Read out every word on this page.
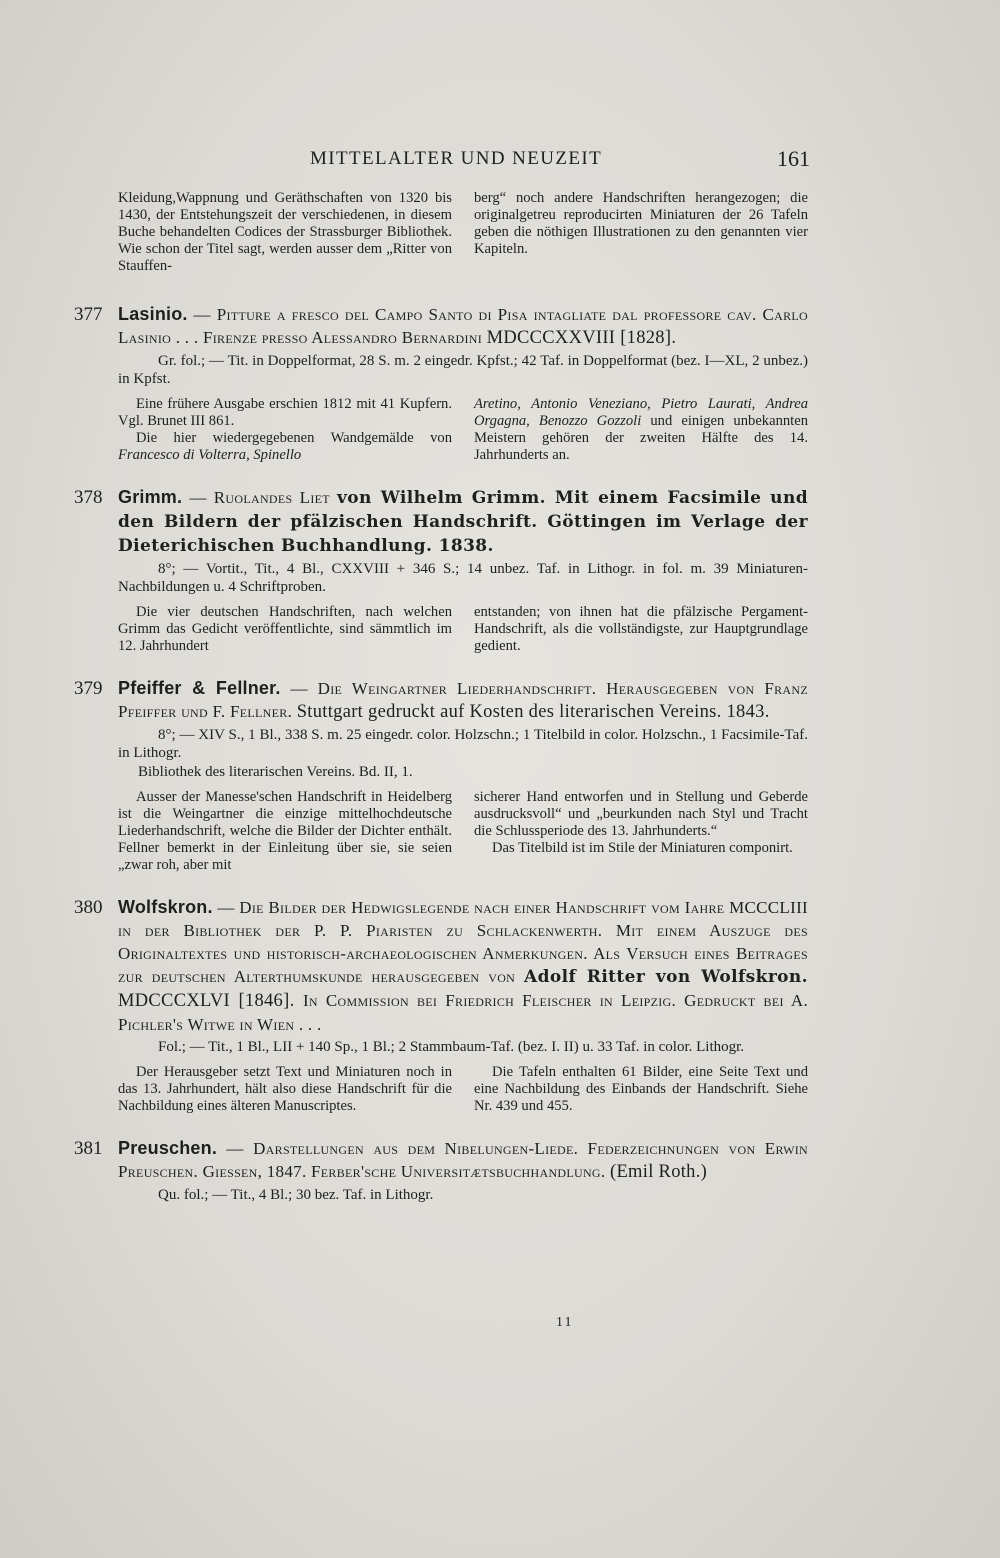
MITTELALTER UND NEUZEIT	161

Kleidung,Wappnung und Geräthschaften von 1320 bis 1430, der Entstehungszeit der verschiedenen, in diesem Buche behandelten Codices der Strassburger Bibliothek. Wie schon der Titel sagt, werden ausser dem „Ritter von Stauffen-

berg“ noch andere Handschriften herangezogen; die originalgetreu reproducirten Miniaturen der 26 Tafeln geben die nöthigen Illustrationen zu den genannten vier Kapiteln.

377 Lasinio. — Pitture a fresco del Campo Santo di Pisa intagliate dal professore cav. Carlo Lasinio . . . Firenze presso Alessandro Bernardini MDCCCXXVIII [1828].
Gr. fol.; — Tit. in Doppelformat, 28 S. m. 2 eingedr. Kpfst.; 42 Taf. in Doppelformat (bez. I—XL, 2 unbez.) in Kpfst.

Eine frühere Ausgabe erschien 1812 mit 41 Kupfern. Vgl. Brunet III 861.

Die hier wiedergegebenen Wandgemälde von Francesco di Volterra, Spinello

Aretino, Antonio Veneziano, Pietro Laurati, Andrea Orgagna, Benozzo Gozzoli und einigen unbekannten Meistern gehören der zweiten Hälfte des 14. Jahrhunderts an.

378 Grimm. — Ruolandes Liet von Wilhelm Grimm. Mit einem Facsimile und den Bildern der pfälzischen Handschrift. Göttingen im Verlage der Dieterichischen Buchhandlung. 1838.
8°; — Vortit., Tit., 4 Bl., CXXVIII + 346 S.; 14 unbez. Taf. in Lithogr. in fol. m. 39 Miniaturen-Nachbildungen u. 4 Schriftproben.

Die vier deutschen Handschriften, nach welchen Grimm das Gedicht veröffentlichte, sind sämmtlich im 12. Jahrhundert

entstanden; von ihnen hat die pfälzische Pergament-Handschrift, als die vollständigste, zur Hauptgrundlage gedient.

379 Pfeiffer & Fellner. — Die Weingartner Liederhandschrift. Herausgegeben von Franz Pfeiffer und F. Fellner. Stuttgart gedruckt auf Kosten des literarischen Vereins. 1843.
8°; — XIV S., 1 Bl., 338 S. m. 25 eingedr. color. Holzschn.; 1 Titelbild in color. Holzschn., 1 Facsimile-Taf. in Lithogr.
Bibliothek des literarischen Vereins. Bd. II, 1.

Ausser der Manesse'schen Handschrift in Heidelberg ist die Weingartner die einzige mittelhochdeutsche Liederhandschrift, welche die Bilder der Dichter enthält. Fellner bemerkt in der Einleitung über sie, sie seien „zwar roh, aber mit

sicherer Hand entworfen und in Stellung und Geberde ausdrucksvoll“ und „beurkunden nach Styl und Tracht die Schlussperiode des 13. Jahrhunderts.“

Das Titelbild ist im Stile der Miniaturen componirt.

380 Wolfskron. — Die Bilder der Hedwigslegende nach einer Handschrift vom Iahre MCCCLIII in der Bibliothek der P. P. Piaristen zu Schlackenwerth. Mit einem Auszuge des Originaltextes und historisch-archaeologischen Anmerkungen. Als Versuch eines Beitrages zur deutschen Alterthumskunde herausgegeben von Adolf Ritter von Wolfskron. MDCCCXLVI [1846]. In Commission bei Friedrich Fleischer in Leipzig. Gedruckt bei A. Pichler's Witwe in Wien . . .
Fol.; — Tit., 1 Bl., LII + 140 Sp., 1 Bl.; 2 Stammbaum-Taf. (bez. I. II) u. 33 Taf. in color. Lithogr.

Der Herausgeber setzt Text und Miniaturen noch in das 13. Jahrhundert, hält also diese Handschrift für die Nachbildung eines älteren Manuscriptes.

Die Tafeln enthalten 61 Bilder, eine Seite Text und eine Nachbildung des Einbands der Handschrift. Siehe Nr. 439 und 455.

381 Preuschen. — Darstellungen aus dem Nibelungen-Liede. Federzeichnungen von Erwin Preuschen. Giessen, 1847. Ferber'sche Universitætsbuchhandlung. (Emil Roth.)
Qu. fol.; — Tit., 4 Bl.; 30 bez. Taf. in Lithogr.
11
